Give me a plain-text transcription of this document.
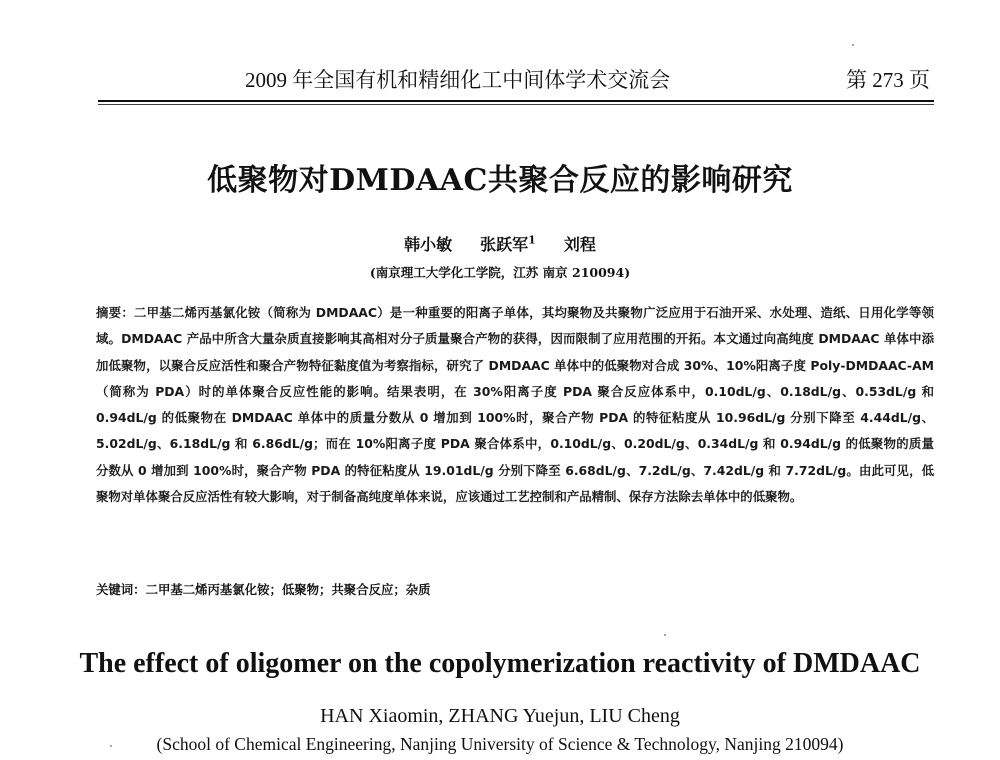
2009 年全国有机和精细化工中间体学术交流会	第 273 页
低聚物对DMDAAC共聚合反应的影响研究
韩小敏 张跃军$^1$ 刘程
(南京理工大学化工学院，江苏 南京 210094)
摘要：二甲基二烯丙基氯化铵（简称为 DMDAAC）是一种重要的阳离子单体，其均聚物及共聚物广泛应用于石油开采、水处理、造纸、日用化学等领域。DMDAAC 产品中所含大量杂质直接影响其高相对分子质量聚合产物的获得，因而限制了应用范围的开拓。本文通过向高纯度 DMDAAC 单体中添加低聚物，以聚合反应活性和聚合产物特征黏度值为考察指标，研究了 DMDAAC 单体中的低聚物对合成 30%、10%阳离子度 Poly-DMDAAC-AM（简称为 PDA）时的单体聚合反应性能的影响。结果表明，在 30%阳离子度 PDA 聚合反应体系中，0.10dL/g、0.18dL/g、0.53dL/g 和 0.94dL/g 的低聚物在 DMDAAC 单体中的质量分数从 0 增加到 100%时，聚合产物 PDA 的特征粘度从 10.96dL/g 分别下降至 4.44dL/g、5.02dL/g、6.18dL/g 和 6.86dL/g；而在 10%阳离子度 PDA 聚合体系中，0.10dL/g、0.20dL/g、0.34dL/g 和 0.94dL/g 的低聚物的质量分数从 0 增加到 100%时，聚合产物 PDA 的特征粘度从 19.01dL/g 分别下降至 6.68dL/g、7.2dL/g、7.42dL/g 和 7.72dL/g。由此可见，低聚物对单体聚合反应活性有较大影响，对于制备高纯度单体来说，应该通过工艺控制和产品精制、保存方法除去单体中的低聚物。
关键词：二甲基二烯丙基氯化铵；低聚物；共聚合反应；杂质
The effect of oligomer on the copolymerization reactivity of DMDAAC
HAN Xiaomin, ZHANG Yuejun, LIU Cheng
(School of Chemical Engineering, Nanjing University of Science & Technology, Nanjing 210094)
